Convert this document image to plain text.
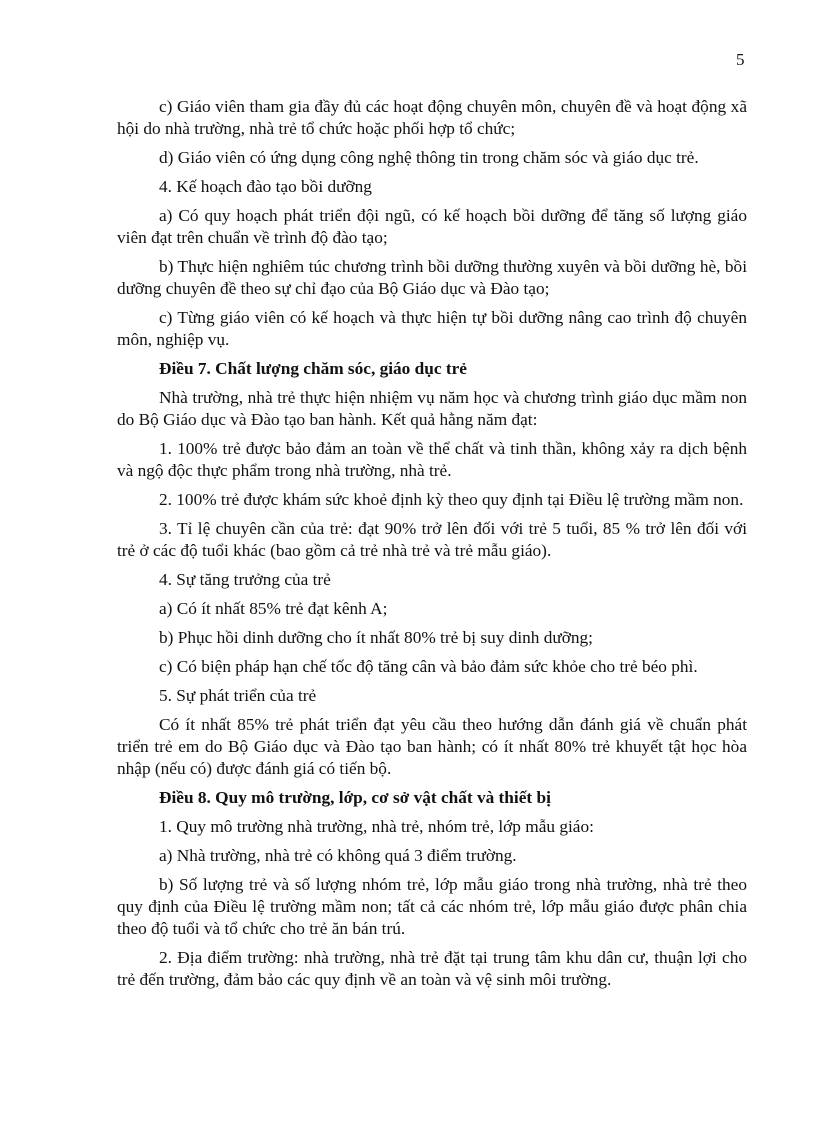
5

c) Giáo viên tham gia đầy đủ các hoạt động chuyên môn, chuyên đề và hoạt động xã hội do nhà trường, nhà trẻ tổ chức hoặc phối hợp tổ chức;

d) Giáo viên có ứng dụng công nghệ thông tin trong chăm sóc và giáo dục trẻ.

4. Kế hoạch đào tạo bồi dưỡng

a) Có quy hoạch phát triển đội ngũ, có kế hoạch bồi dưỡng để tăng số lượng giáo viên đạt trên chuẩn về trình độ đào tạo;

b) Thực hiện nghiêm túc chương trình bồi dưỡng thường xuyên và bồi dưỡng hè, bồi dưỡng chuyên đề theo sự chỉ đạo của Bộ Giáo dục và Đào tạo;

c) Từng giáo viên có kế hoạch và thực hiện tự bồi dưỡng nâng cao trình độ chuyên môn, nghiệp vụ.

Điều 7. Chất lượng chăm sóc, giáo dục trẻ

Nhà trường, nhà trẻ thực hiện nhiệm vụ năm học và chương trình giáo dục mầm non do Bộ Giáo dục và Đào tạo ban hành. Kết quả hằng năm đạt:

1. 100% trẻ được bảo đảm an toàn về thể chất và tinh thần, không xảy ra dịch bệnh và ngộ độc thực phẩm trong nhà trường, nhà trẻ.

2. 100% trẻ được khám sức khoẻ định kỳ theo quy định tại Điều lệ trường mầm non.

3. Tỉ lệ chuyên cần của trẻ: đạt 90% trở lên đối với trẻ 5 tuổi, 85 % trở lên đối với trẻ ở các độ tuổi khác (bao gồm cả trẻ nhà trẻ và trẻ mẫu giáo).

4. Sự tăng trưởng của trẻ

a) Có ít nhất 85% trẻ đạt kênh A;

b) Phục hồi dinh dưỡng cho ít nhất 80% trẻ bị suy dinh dưỡng;

c) Có biện pháp hạn chế tốc độ tăng cân và bảo đảm sức khỏe cho trẻ béo phì.

5. Sự phát triển của trẻ

Có ít nhất 85% trẻ phát triển đạt yêu cầu theo hướng dẫn đánh giá về chuẩn phát triển trẻ em do Bộ Giáo dục và Đào tạo ban hành; có ít nhất 80% trẻ khuyết tật học hòa nhập (nếu có) được đánh giá có tiến bộ.

Điều 8. Quy mô trường, lớp, cơ sở vật chất và thiết bị

1. Quy mô trường nhà trường, nhà trẻ, nhóm trẻ, lớp mẫu giáo:

a) Nhà trường, nhà trẻ có không quá 3 điểm trường.

b) Số lượng trẻ và số lượng nhóm trẻ, lớp mẫu giáo trong nhà trường, nhà trẻ theo quy định của Điều lệ trường mầm non; tất cả các nhóm trẻ, lớp mẫu giáo được phân chia theo độ tuổi và tổ chức cho trẻ ăn bán trú.

2. Địa điểm trường: nhà trường, nhà trẻ đặt tại trung tâm khu dân cư, thuận lợi cho trẻ đến trường, đảm bảo các quy định về an toàn và vệ sinh môi trường.
